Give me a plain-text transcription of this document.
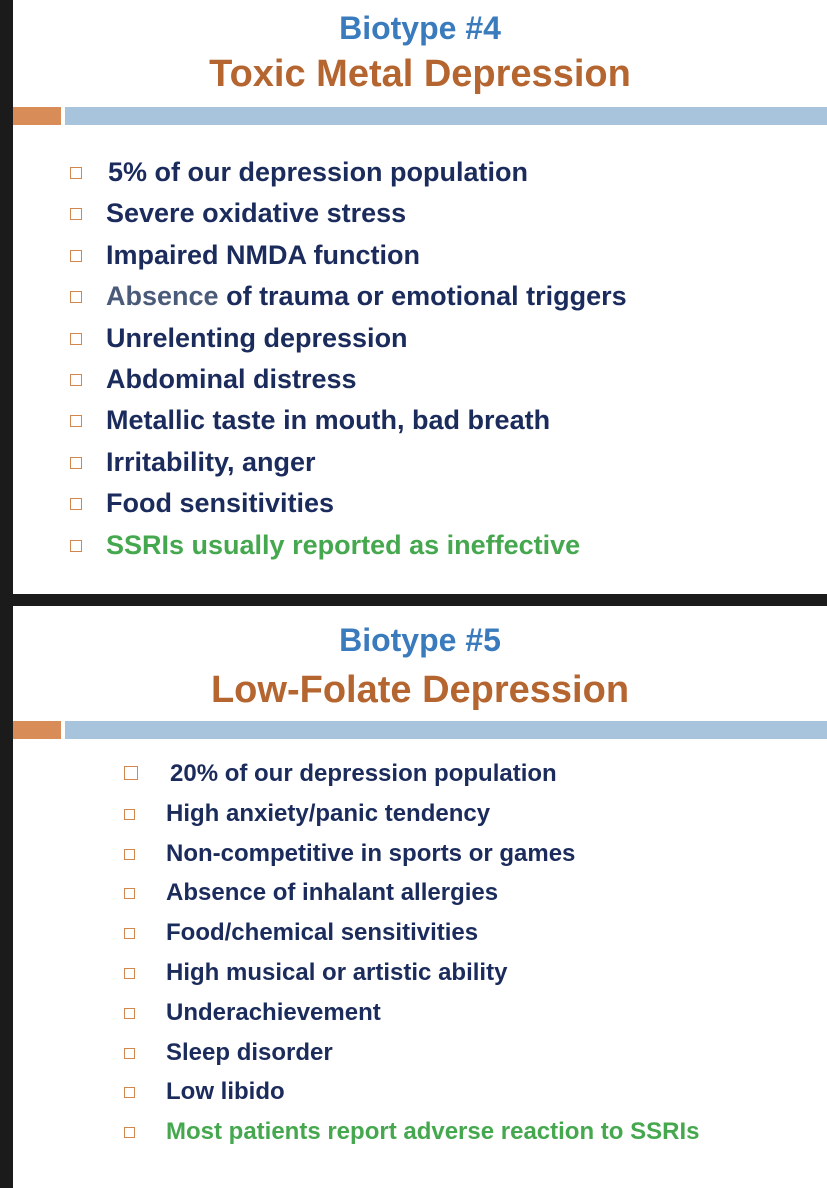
Biotype #4
Toxic Metal Depression
5% of our depression population
Severe oxidative stress
Impaired NMDA function
Absence of trauma or emotional triggers
Unrelenting depression
Abdominal distress
Metallic taste in mouth, bad breath
Irritability, anger
Food sensitivities
SSRIs usually reported as ineffective
Biotype #5
Low-Folate Depression
20% of our depression population
High anxiety/panic tendency
Non-competitive in sports or games
Absence of inhalant allergies
Food/chemical sensitivities
High musical or artistic ability
Underachievement
Sleep disorder
Low libido
Most patients report adverse reaction to SSRIs
